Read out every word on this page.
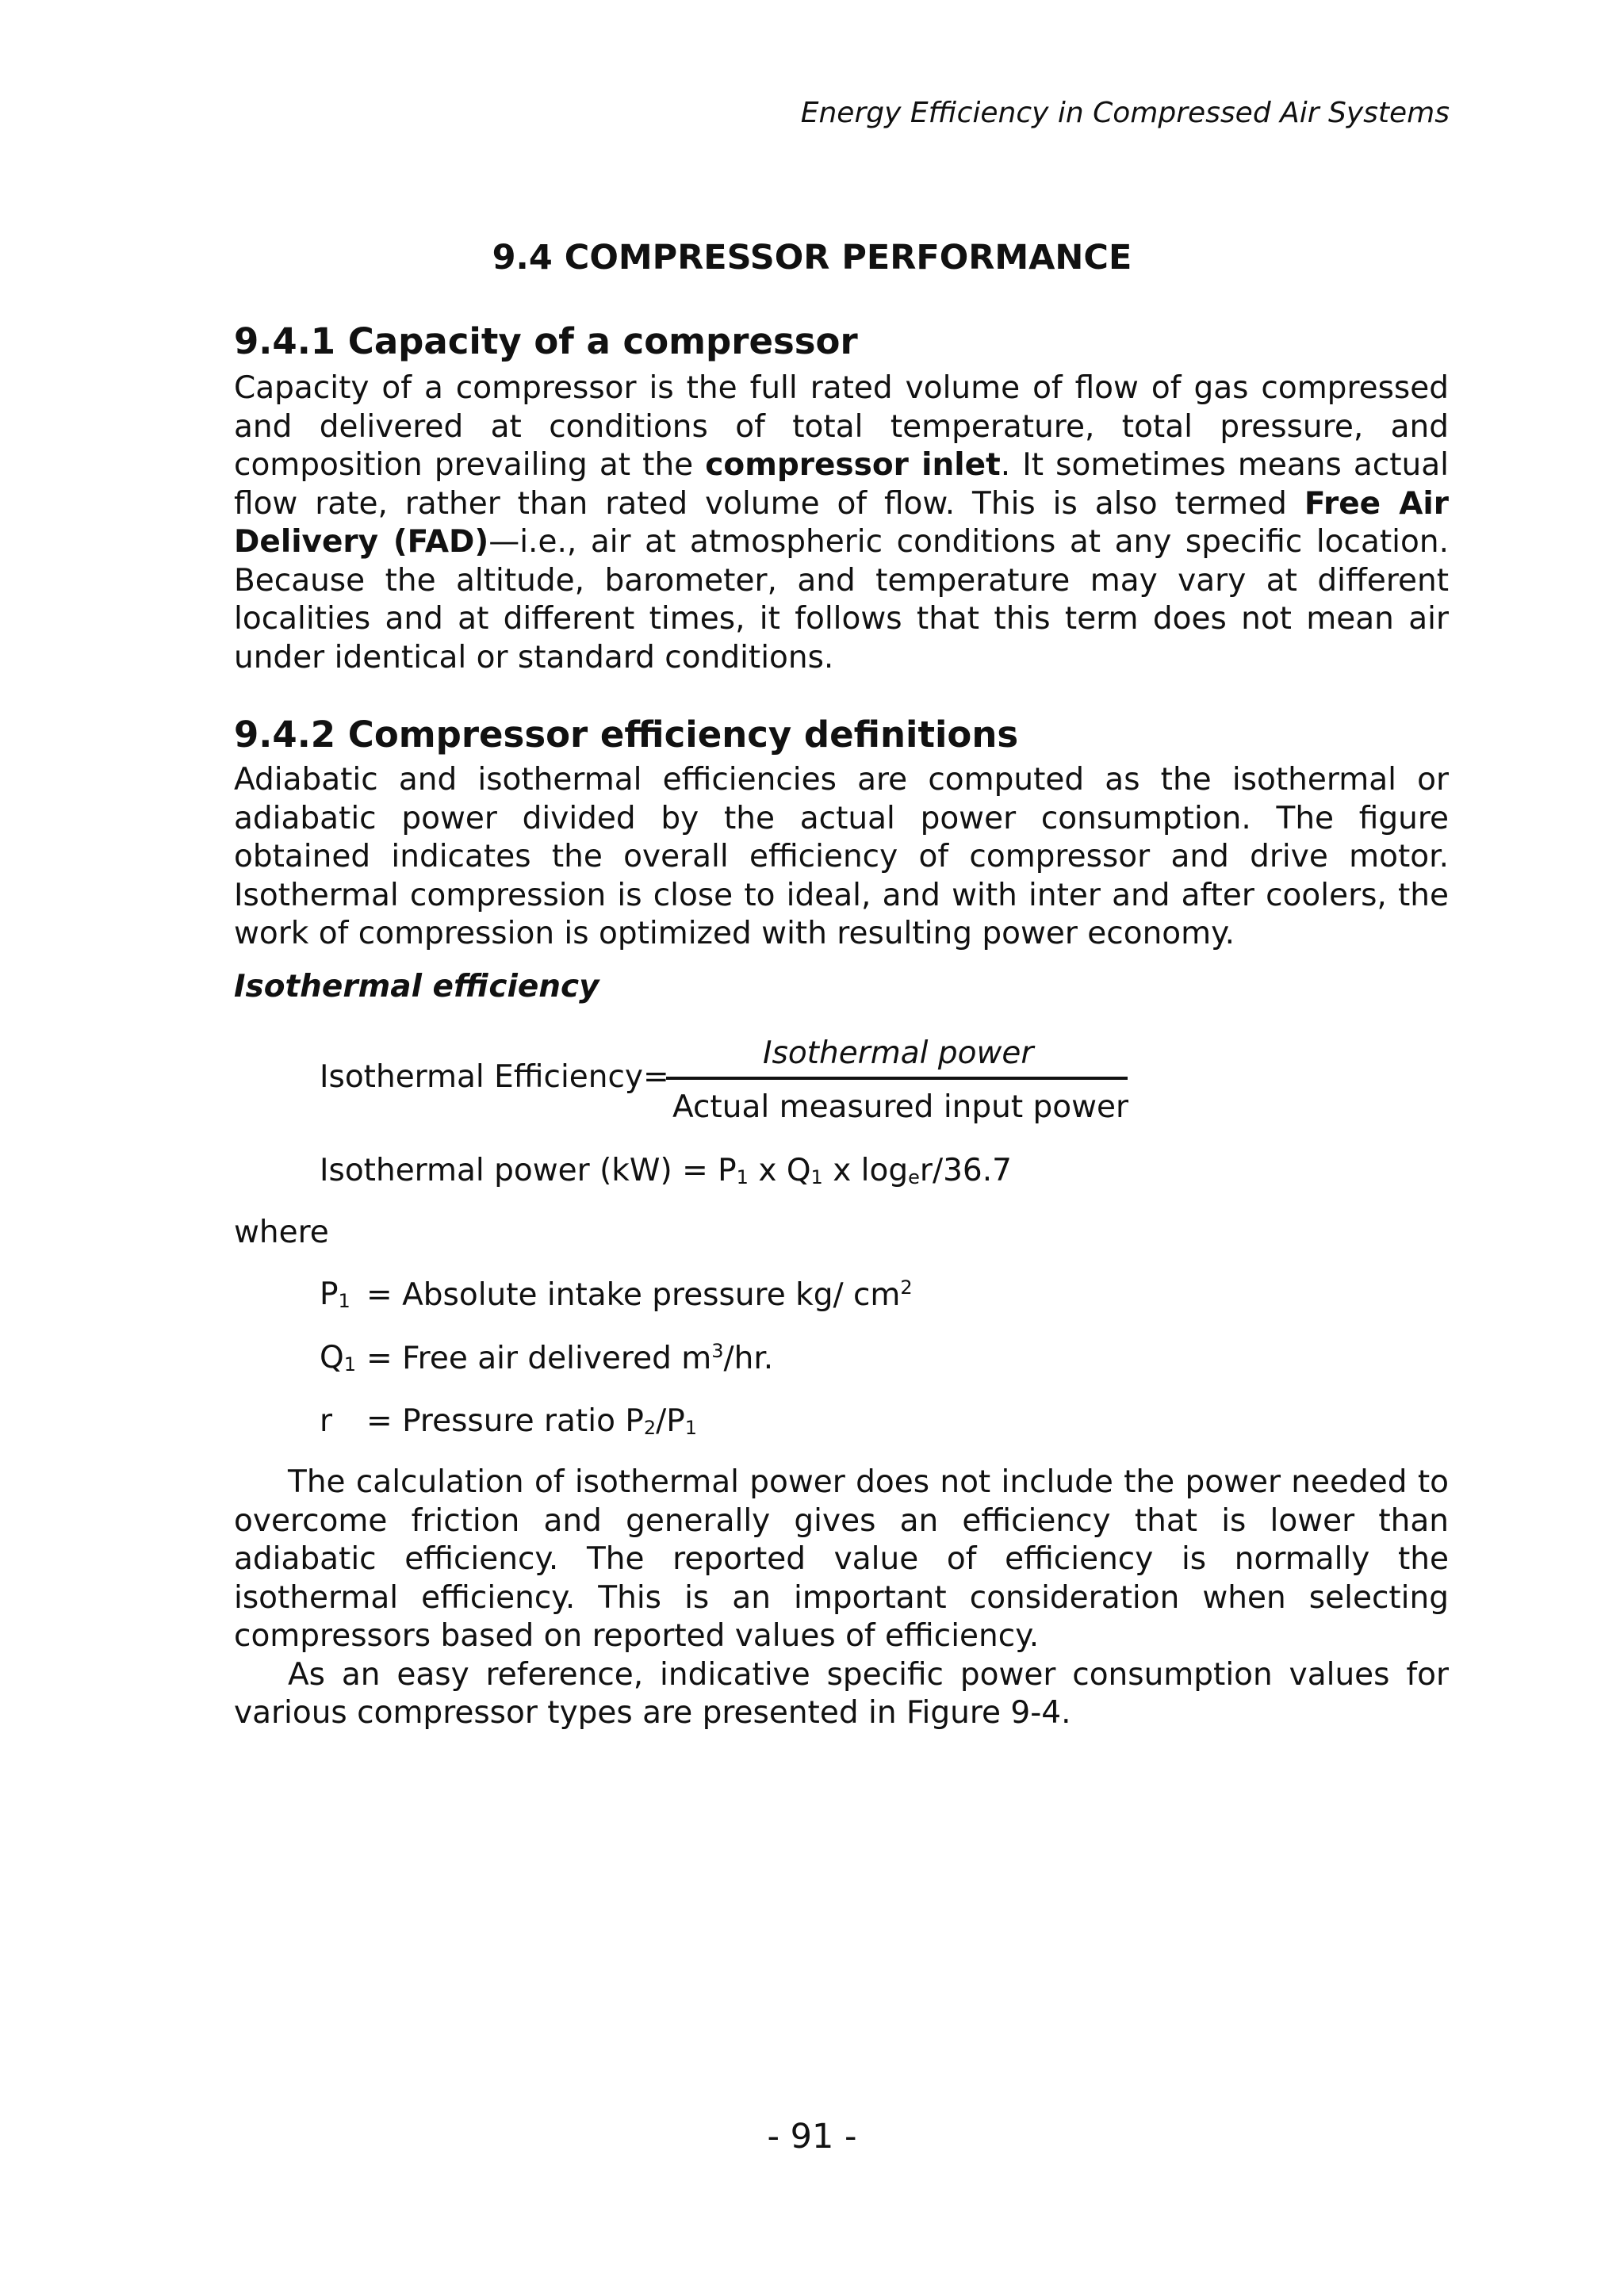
Energy Efficiency in Compressed Air Systems
9.4 COMPRESSOR PERFORMANCE
9.4.1 Capacity of a compressor

Capacity of a compressor is the full rated volume of flow of gas compressed and delivered at conditions of total temperature, total pressure, and composition prevailing at the compressor inlet. It sometimes means actual flow rate, rather than rated volume of flow. This is also termed Free Air Delivery (FAD)—i.e., air at atmospheric conditions at any specific location. Because the altitude, barometer, and temperature may vary at different localities and at different times, it follows that this term does not mean air under identical or standard conditions.

9.4.2 Compressor efficiency definitions

Adiabatic and isothermal efficiencies are computed as the isothermal or adiabatic power divided by the actual power consumption. The figure obtained indicates the overall efficiency of compressor and drive motor. Isothermal compression is close to ideal, and with inter and after coolers, the work of compression is optimized with resulting power economy.

Isothermal efficiency
Isothermal Efficiency=
Isothermal power
Actual measured input power
Isothermal power $(kW) = P_1$ x $Q_1$ x $\log_er/36.7$
where
$P_1$ = Absolute intake pressure kg/ $cm^2$
$Q_1$ = Free air delivered $m^3/hr$.
r = Pressure ratio $P_2/P_1$

The calculation of isothermal power does not include the power needed to overcome friction and generally gives an efficiency that is lower than adiabatic efficiency. The reported value of efficiency is normally the isothermal efficiency. This is an important consideration when selecting compressors based on reported values of efficiency.

As an easy reference, indicative specific power consumption values for various compressor types are presented in Figure 9-4.

- 91 -
